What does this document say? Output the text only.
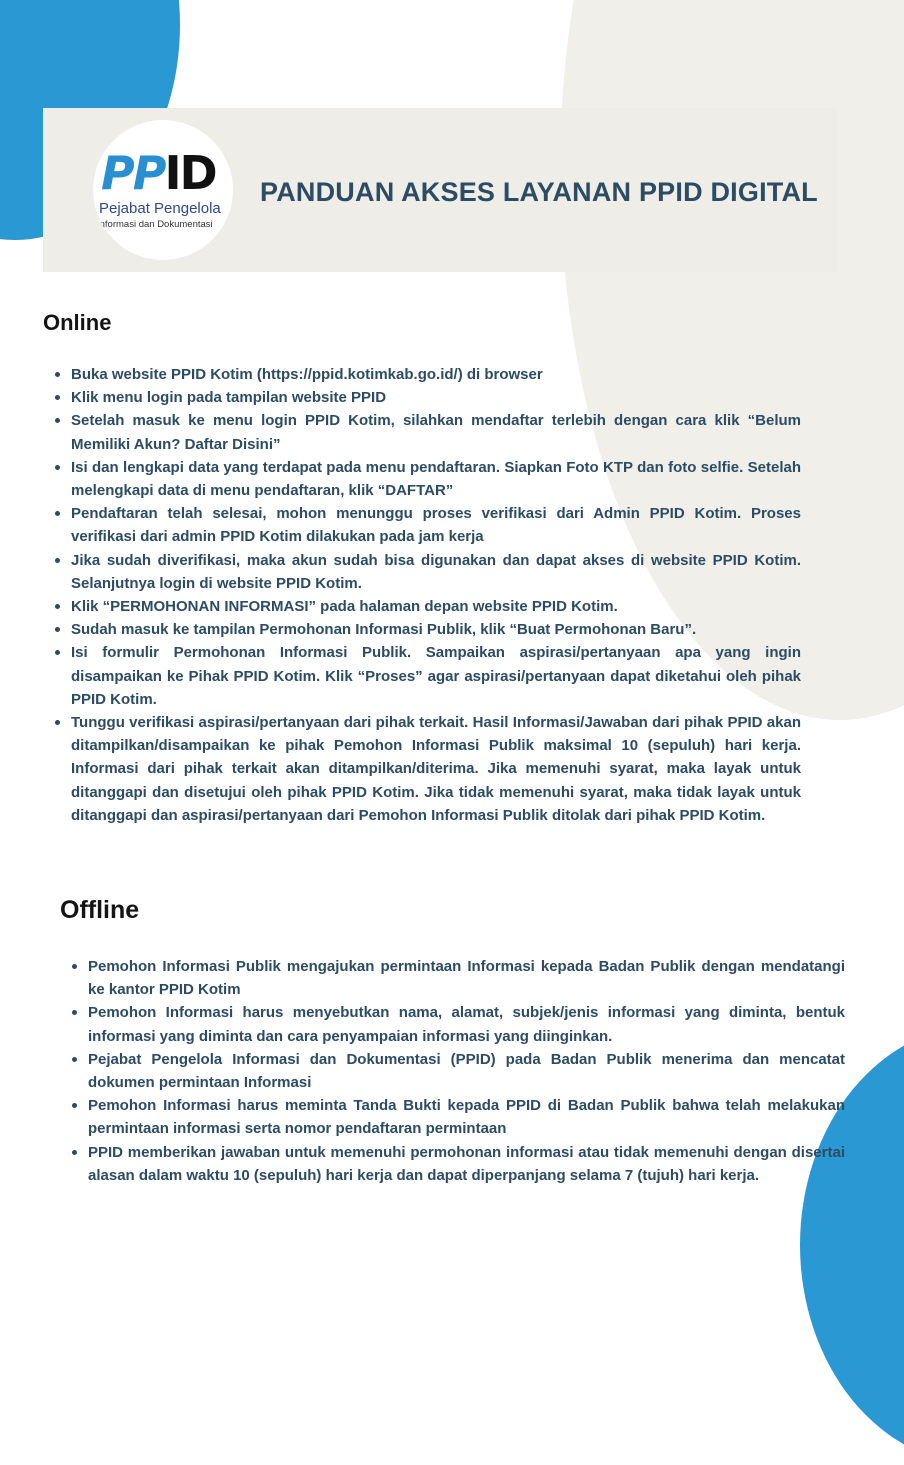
PPID
Pejabat Pengelola
Informasi dan Dokumentasi
PANDUAN AKSES LAYANAN PPID DIGITAL
Online
Buka website PPID Kotim (https://ppid.kotimkab.go.id/) di browser
Klik menu login pada tampilan website PPID
Setelah masuk ke menu login PPID Kotim, silahkan mendaftar terlebih dengan cara klik “Belum Memiliki Akun? Daftar Disini”
Isi dan lengkapi data yang terdapat pada menu pendaftaran. Siapkan Foto KTP dan foto selfie. Setelah melengkapi data di menu pendaftaran, klik “DAFTAR”
Pendaftaran telah selesai, mohon menunggu proses verifikasi dari Admin PPID Kotim. Proses verifikasi dari admin PPID Kotim dilakukan pada jam kerja
Jika sudah diverifikasi, maka akun sudah bisa digunakan dan dapat akses di website PPID Kotim. Selanjutnya login di website PPID Kotim.
Klik “PERMOHONAN INFORMASI” pada halaman depan website PPID Kotim.
Sudah masuk ke tampilan Permohonan Informasi Publik, klik “Buat Permohonan Baru”.
Isi formulir Permohonan Informasi Publik. Sampaikan aspirasi/pertanyaan apa yang ingin disampaikan ke Pihak PPID Kotim. Klik “Proses” agar aspirasi/pertanyaan dapat diketahui oleh pihak PPID Kotim.
Tunggu verifikasi aspirasi/pertanyaan dari pihak terkait. Hasil Informasi/Jawaban dari pihak PPID akan ditampilkan/disampaikan ke pihak Pemohon Informasi Publik maksimal 10 (sepuluh) hari kerja. Informasi dari pihak terkait akan ditampilkan/diterima. Jika memenuhi syarat, maka layak untuk ditanggapi dan disetujui oleh pihak PPID Kotim. Jika tidak memenuhi syarat, maka tidak layak untuk ditanggapi dan aspirasi/pertanyaan dari Pemohon Informasi Publik ditolak dari pihak PPID Kotim.
Offline
Pemohon Informasi Publik mengajukan permintaan Informasi kepada Badan Publik dengan mendatangi ke kantor PPID Kotim
Pemohon Informasi harus menyebutkan nama, alamat, subjek/jenis informasi yang diminta, bentuk informasi yang diminta dan cara penyampaian informasi yang diinginkan.
Pejabat Pengelola Informasi dan Dokumentasi (PPID) pada Badan Publik menerima dan mencatat dokumen permintaan Informasi
Pemohon Informasi harus meminta Tanda Bukti kepada PPID di Badan Publik bahwa telah melakukan permintaan informasi serta nomor pendaftaran permintaan
PPID memberikan jawaban untuk memenuhi permohonan informasi atau tidak memenuhi dengan disertai alasan dalam waktu 10 (sepuluh) hari kerja dan dapat diperpanjang selama 7 (tujuh) hari kerja.
